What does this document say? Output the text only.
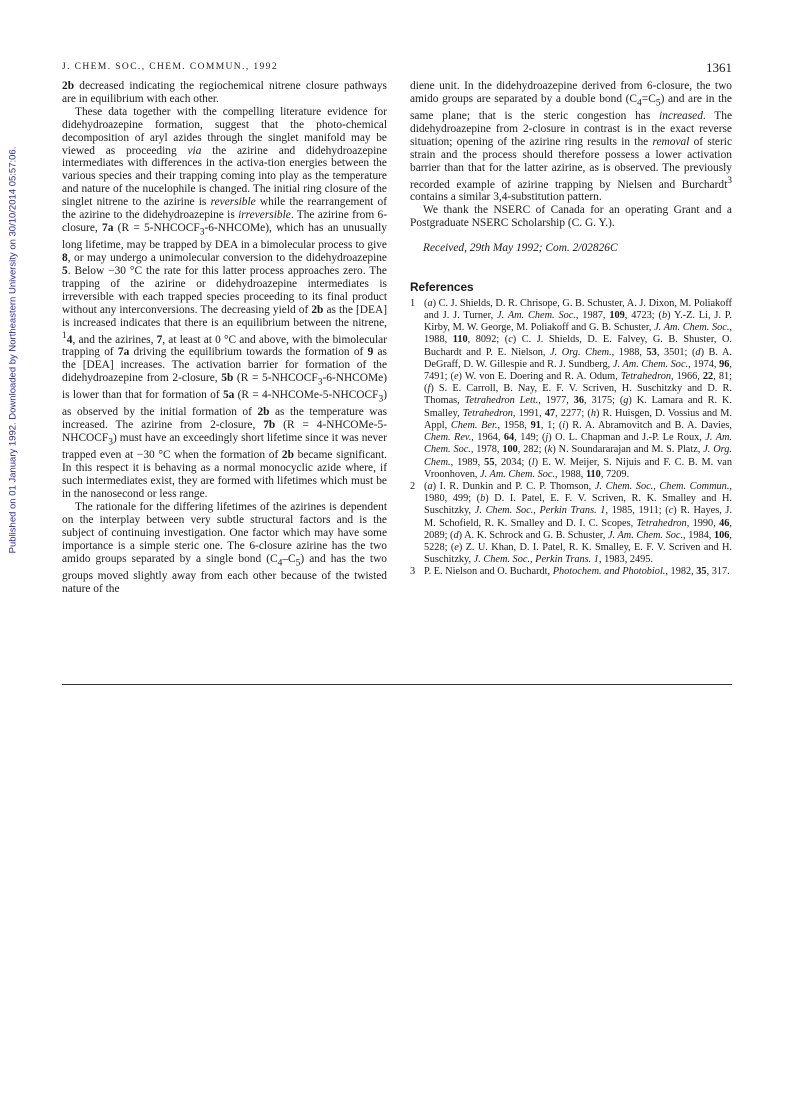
J. CHEM. SOC., CHEM. COMMUN., 1992	1361
Published on 01 January 1992. Downloaded by Northeastern University on 30/10/2014 05:57:06.

2b decreased indicating the regiochemical nitrene closure pathways are in equilibrium with each other.

These data together with the compelling literature evidence for didehydroazepine formation, suggest that the photo-chemical decomposition of aryl azides through the singlet manifold may be viewed as proceeding via the azirine and didehydroazepine intermediates with differences in the activa-tion energies between the various species and their trapping coming into play as the temperature and nature of the nucelophile is changed. The initial ring closure of the singlet nitrene to the azirine is reversible while the rearrangement of the azirine to the didehydroazepine is irreversible. The azirine from 6-closure, 7a $(R = 5-NHCOCF_3-6-NHCOMe)$, which has an unusually long lifetime, may be trapped by DEA in a bimolecular process to give 8, or may undergo a unimolecular conversion to the didehydroazepine 5. Below −30 °C the rate for this latter process approaches zero. The trapping of the azirine or didehydroazepine intermediates is irreversible with each trapped species proceeding to its final product without any interconversions. The decreasing yield of 2b as the [DEA] is increased indicates that there is an equilibrium between the nitrene, $^1$4, and the azirines, 7, at least at 0 °C and above, with the bimolecular trapping of 7a driving the equilibrium towards the formation of 9 as the [DEA] increases. The activation barrier for formation of the didehydroazepine from 2-closure, 5b $(R = 5-NHCOCF_3-6-NHCOMe)$ is lower than that for formation of 5a $(R = 4-NHCOMe-5-NHCOCF_3)$ as observed by the initial formation of 2b as the temperature was increased. The azirine from 2-closure, 7b $(R = 4-NHCOMe-5-NHCOCF_3)$ must have an exceedingly short lifetime since it was never trapped even at −30 °C when the formation of 2b became significant. In this respect it is behaving as a normal monocyclic azide where, if such intermediates exist, they are formed with lifetimes which must be in the nanosecond or less range.

The rationale for the differing lifetimes of the azirines is dependent on the interplay between very subtle structural factors and is the subject of continuing investigation. One factor which may have some importance is a simple steric one. The 6-closure azirine has the two amido groups separated by a single bond $(C_4-C_5)$ and has the two groups moved slightly away from each other because of the twisted nature of the

diene unit. In the didehydroazepine derived from 6-closure, the two amido groups are separated by a double bond $(C_4=C_5)$ and are in the same plane; that is the steric congestion has increased. The didehydroazepine from 2-closure in contrast is in the exact reverse situation; opening of the azirine ring results in the removal of steric strain and the process should therefore possess a lower activation barrier than that for the latter azirine, as is observed. The previously recorded example of azirine trapping by Nielsen and Burchardt$^3$ contains a similar 3,4-substitution pattern.

We thank the NSERC of Canada for an operating Grant and a Postgraduate NSERC Scholarship (C. G. Y.).

Received, 29th May 1992; Com. 2/02826C

References
1 (a) C. J. Shields, D. R. Chrisope, G. B. Schuster, A. J. Dixon, M. Poliakoff and J. J. Turner, J. Am. Chem. Soc., 1987, 109, 4723; (b) Y.-Z. Li, J. P. Kirby, M. W. George, M. Poliakoff and G. B. Schuster, J. Am. Chem. Soc., 1988, 110, 8092; (c) C. J. Shields, D. E. Falvey, G. B. Shuster, O. Buchardt and P. E. Nielson, J. Org. Chem., 1988, 53, 3501; (d) B. A. DeGraff, D. W. Gillespie and R. J. Sundberg, J. Am. Chem. Soc., 1974, 96, 7491; (e) W. von E. Doering and R. A. Odum, Tetrahedron, 1966, 22, 81; (f) S. E. Carroll, B. Nay, E. F. V. Scriven, H. Suschitzky and D. R. Thomas, Tetrahedron Lett., 1977, 36, 3175; (g) K. Lamara and R. K. Smalley, Tetrahedron, 1991, 47, 2277; (h) R. Huisgen, D. Vossius and M. Appl, Chem. Ber., 1958, 91, 1; (i) R. A. Abramovitch and B. A. Davies, Chem. Rev., 1964, 64, 149; (j) O. L. Chapman and J.-P. Le Roux, J. Am. Chem. Soc., 1978, 100, 282; (k) N. Soundararajan and M. S. Platz, J. Org. Chem., 1989, 55, 2034; (l) E. W. Meijer, S. Nijuis and F. C. B. M. van Vroonhoven, J. Am. Chem. Soc., 1988, 110, 7209.
2 (a) I. R. Dunkin and P. C. P. Thomson, J. Chem. Soc., Chem. Commun., 1980, 499; (b) D. I. Patel, E. F. V. Scriven, R. K. Smalley and H. Suschitzky, J. Chem. Soc., Perkin Trans. 1, 1985, 1911; (c) R. Hayes, J. M. Schofield, R. K. Smalley and D. I. C. Scopes, Tetrahedron, 1990, 46, 2089; (d) A. K. Schrock and G. B. Schuster, J. Am. Chem. Soc., 1984, 106, 5228; (e) Z. U. Khan, D. I. Patel, R. K. Smalley, E. F. V. Scriven and H. Suschitzky, J. Chem. Soc., Perkin Trans. 1, 1983, 2495.
3 P. E. Nielson and O. Buchardt, Photochem. and Photobiol., 1982, 35, 317.
